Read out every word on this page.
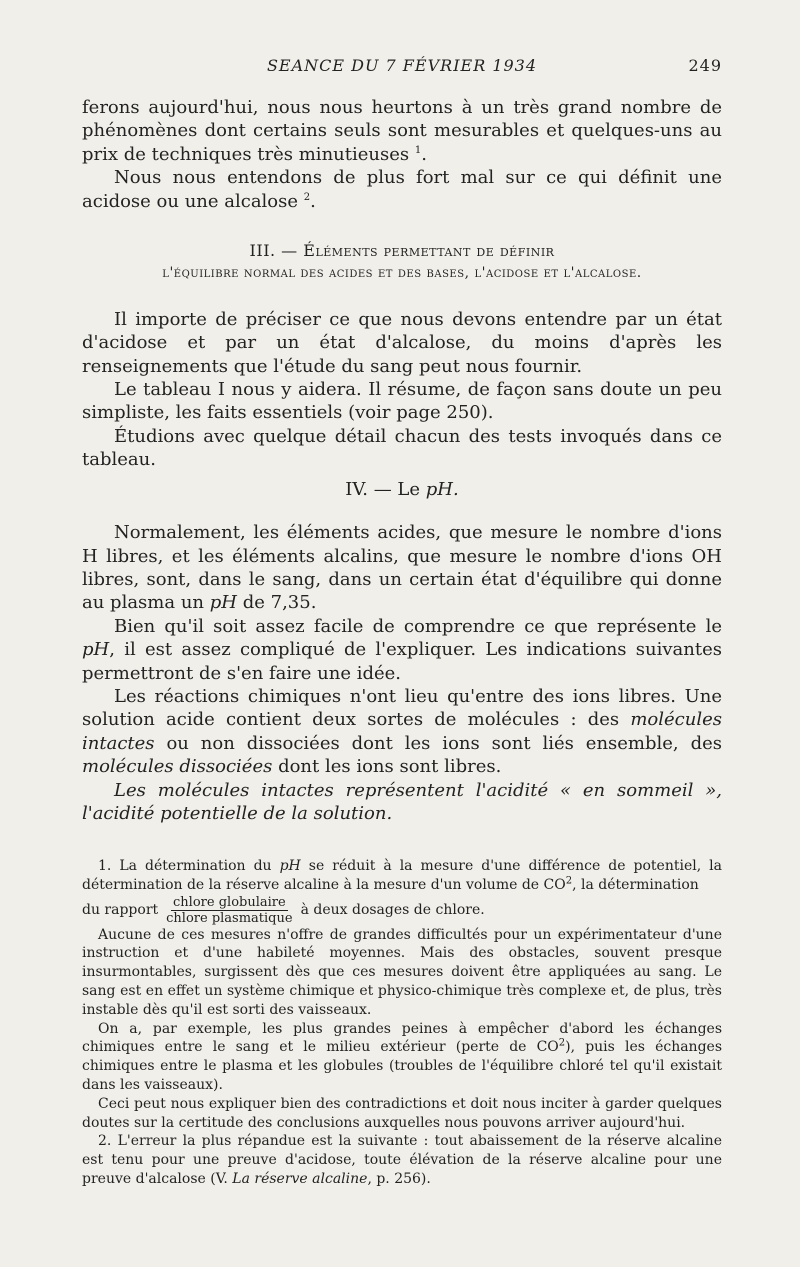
SEANCE DU 7 FÉVRIER 1934	249

ferons aujourd'hui, nous nous heurtons à un très grand nombre de phénomènes dont certains seuls sont mesurables et quelques-uns au prix de techniques très minutieuses $^1$.

Nous nous entendons de plus fort mal sur ce qui définit une acidose ou une alcalose $^2$.

III. — Éléments permettant de définir
l'équilibre normal des acides et des bases, l'acidose et l'alcalose.

Il importe de préciser ce que nous devons entendre par un état d'acidose et par un état d'alcalose, du moins d'après les renseignements que l'étude du sang peut nous fournir.

Le tableau I nous y aidera. Il résume, de façon sans doute un peu simpliste, les faits essentiels (voir page 250).

Étudions avec quelque détail chacun des tests invoqués dans ce tableau.

IV. — Le pH.

Normalement, les éléments acides, que mesure le nombre d'ions H libres, et les éléments alcalins, que mesure le nombre d'ions OH libres, sont, dans le sang, dans un certain état d'équilibre qui donne au plasma un pH de 7,35.

Bien qu'il soit assez facile de comprendre ce que représente le pH, il est assez compliqué de l'expliquer. Les indications suivantes permettront de s'en faire une idée.

Les réactions chimiques n'ont lieu qu'entre des ions libres. Une solution acide contient deux sortes de molécules : des molécules intactes ou non dissociées dont les ions sont liés ensemble, des molécules dissociées dont les ions sont libres.

Les molécules intactes représentent l'acidité « en sommeil », l'acidité potentielle de la solution.

1. La détermination du pH se réduit à la mesure d'une différence de potentiel, la détermination de la réserve alcaline à la mesure d'un volume de $CO^2$, la détermination

du rapport $\frac{\text{chlore globulaire}}{\text{chlore plasmatique}}$ à deux dosages de chlore.

Aucune de ces mesures n'offre de grandes difficultés pour un expérimentateur d'une instruction et d'une habileté moyennes. Mais des obstacles, souvent presque insurmontables, surgissent dès que ces mesures doivent être appliquées au sang. Le sang est en effet un système chimique et physico-chimique très complexe et, de plus, très instable dès qu'il est sorti des vaisseaux.

On a, par exemple, les plus grandes peines à empêcher d'abord les échanges chimiques entre le sang et le milieu extérieur (perte de $CO^2$), puis les échanges chimiques entre le plasma et les globules (troubles de l'équilibre chloré tel qu'il existait dans les vaisseaux).

Ceci peut nous expliquer bien des contradictions et doit nous inciter à garder quelques doutes sur la certitude des conclusions auxquelles nous pouvons arriver aujourd'hui.

2. L'erreur la plus répandue est la suivante : tout abaissement de la réserve alcaline est tenu pour une preuve d'acidose, toute élévation de la réserve alcaline pour une preuve d'alcalose (V. La réserve alcaline, p. 256).
